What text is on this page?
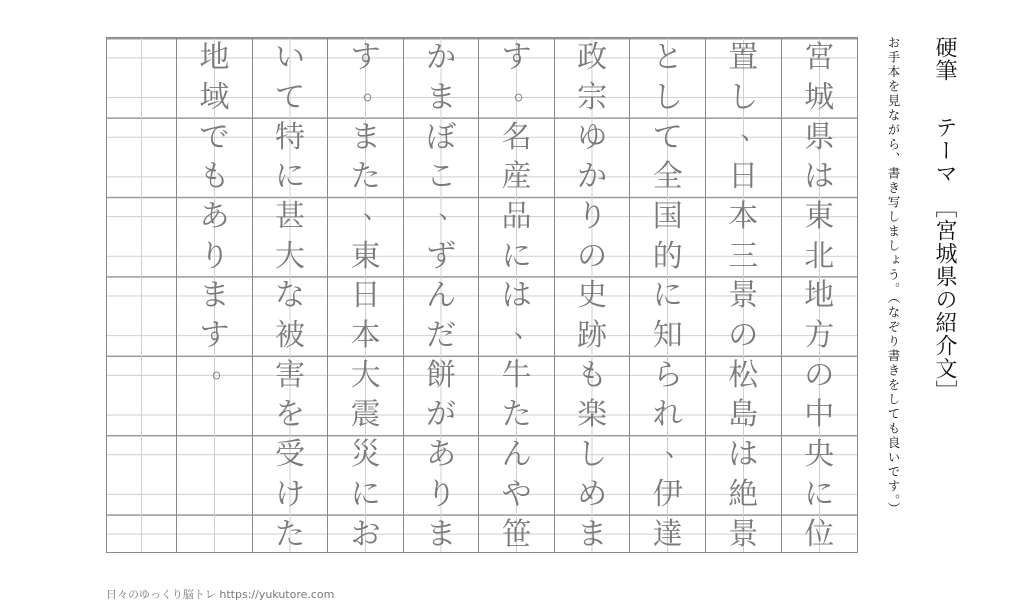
地
域
で
も
あ
り
ま
す
。
い
て
特
に
甚
大
な
被
害
を
受
け
た
す
。
ま
た
、
東
日
本
大
震
災
に
お
か
ま
ぼ
こ
、
ず
ん
だ
餅
が
あ
り
ま
す
。
名
産
品
に
は
、
牛
た
ん
や
笹
政
宗
ゆ
か
り
の
史
跡
も
楽
し
め
ま
と
し
て
全
国
的
に
知
ら
れ
、
伊
達
置
し
、
日
本
三
景
の
松
島
は
絶
景
宮
城
県
は
東
北
地
方
の
中
央
に
位
硬筆
テーマ
﹇宮城県の紹介文﹈
お手本を見ながら、書き写しましょう。（なぞり書きをしても良いです。）
日々のゆっくり脳トレ https://yukutore.com
